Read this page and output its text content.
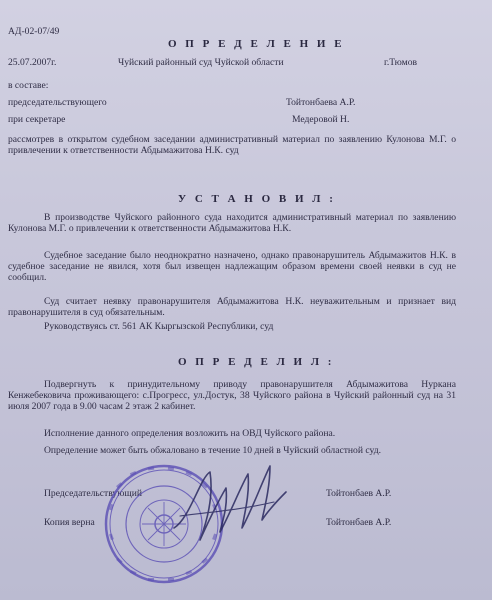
АД-02-07/49
О П Р Е Д Е Л Е Н И Е
25.07.2007г.	Чуйский районный суд Чуйской области	г.Тюмов
в составе:
председательствующего	Тойтонбаева А.Р.
при секретаре	Медеровой Н.
рассмотрев в открытом судебном заседании административный материал по заявлению Кулонова М.Г. о привлечении к ответственности Абдымажитова Н.К. суд
У С Т А Н О В И Л :
В производстве Чуйского районного суда находится административный материал по заявлению Кулонова М.Г. о привлечении к ответственности Абдымажитова Н.К.
Судебное заседание было неоднократно назначено, однако правонарушитель Абдымажитов Н.К. в судебное заседание не явился, хотя был извещен надлежащим образом времени своей неявки в суд не сообщил.
Суд считает неявку правонарушителя Абдымажитова Н.К. неуважительным и признает вид правонарушителя в суд обязательным.
Руководствуясь ст. 561 АК Кыргызской Республики, суд
О П Р Е Д Е Л И Л :
Подвергнуть к принудительному приводу правонарушителя Абдымажитова Нуркана Кенжебековича проживающего: с.Прогресс, ул.Достук, 38 Чуйского района в Чуйский районный суд на 31 июля 2007 года в 9.00 часам 2 этаж 2 кабинет.
Исполнение данного определения возложить на ОВД Чуйского района.
Определение может быть обжаловано в течение 10 дней в Чуйский областной суд.
Председательствующий	Тойтонбаев А.Р.
Копия верна	Тойтонбаев А.Р.
